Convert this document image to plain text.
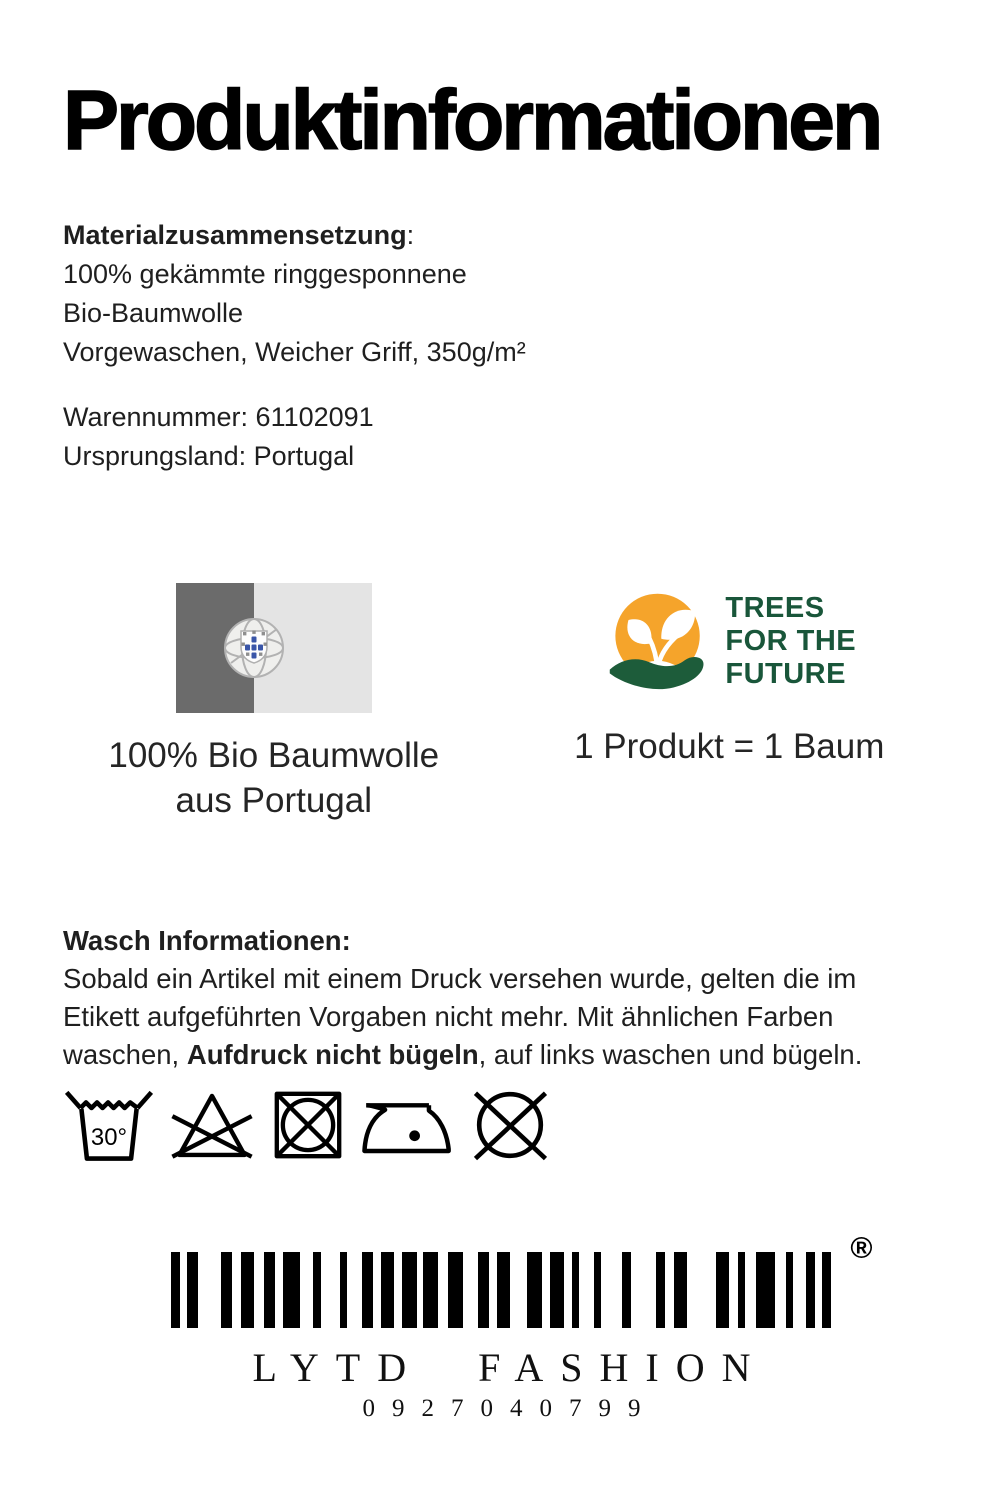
Produktinformationen

Materialzusammensetzung:

100% gekämmte ringgesponnene

Bio-Baumwolle

Vorgewaschen, Weicher Griff, 350g/m²

Warennummer: 61102091

Ursprungsland: Portugal

100% Bio Baumwolle
aus Portugal
TREES
FOR THE
FUTURE
1 Produkt = 1 Baum

Wasch Informationen:

Sobald ein Artikel mit einem Druck versehen wurde, gelten die im Etikett aufgeführten Vorgaben nicht mehr. Mit ähnlichen Farben waschen, Aufdruck nicht bügeln, auf links waschen und bügeln.

30°
®
LYTD FASHION
0927040799
